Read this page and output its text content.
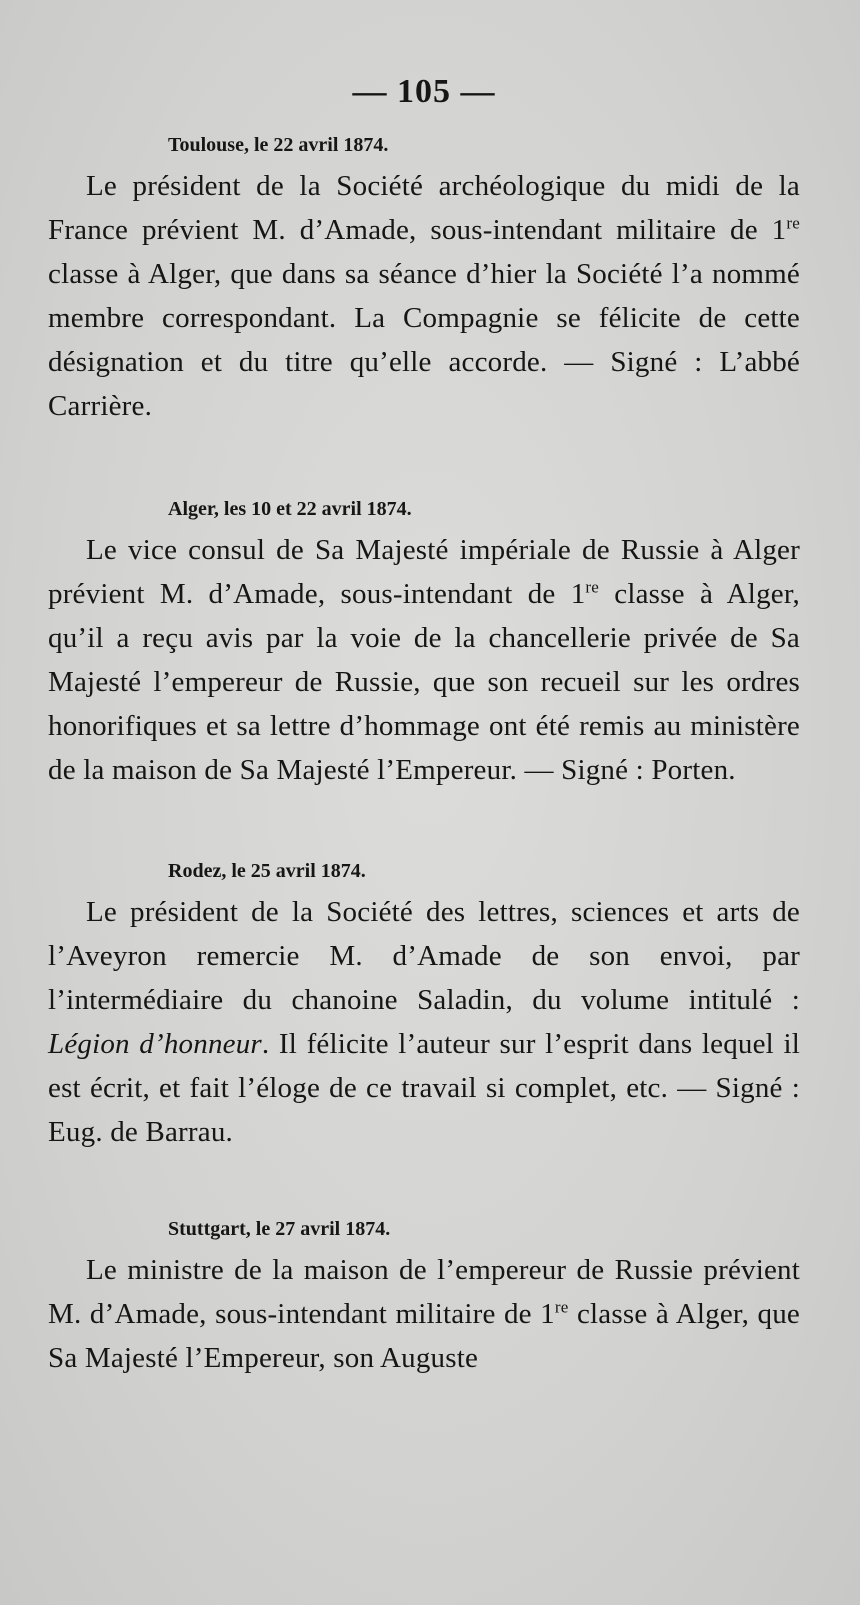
— 105 —
Toulouse, le 22 avril 1874.

Le président de la Société archéologique du midi de la France prévient M. d’Amade, sous-intendant militaire de 1re classe à Alger, que dans sa séance d’hier la Société l’a nommé membre correspondant. La Compagnie se félicite de cette désignation et du titre qu’elle accorde. — Signé : L’abbé Carrière.

Alger, les 10 et 22 avril 1874.

Le vice consul de Sa Majesté impériale de Russie à Alger prévient M. d’Amade, sous-intendant de 1re classe à Alger, qu’il a reçu avis par la voie de la chancellerie privée de Sa Majesté l’empereur de Russie, que son recueil sur les ordres honorifiques et sa lettre d’hommage ont été remis au ministère de la maison de Sa Majesté l’Empereur. — Signé : Porten.

Rodez, le 25 avril 1874.

Le président de la Société des lettres, sciences et arts de l’Aveyron remercie M. d’Amade de son envoi, par l’intermédiaire du chanoine Saladin, du volume intitulé : Légion d’honneur. Il félicite l’auteur sur l’esprit dans lequel il est écrit, et fait l’éloge de ce travail si complet, etc. — Signé : Eug. de Barrau.

Stuttgart, le 27 avril 1874.

Le ministre de la maison de l’empereur de Russie prévient M. d’Amade, sous-intendant militaire de 1re classe à Alger, que Sa Majesté l’Empereur, son Auguste
